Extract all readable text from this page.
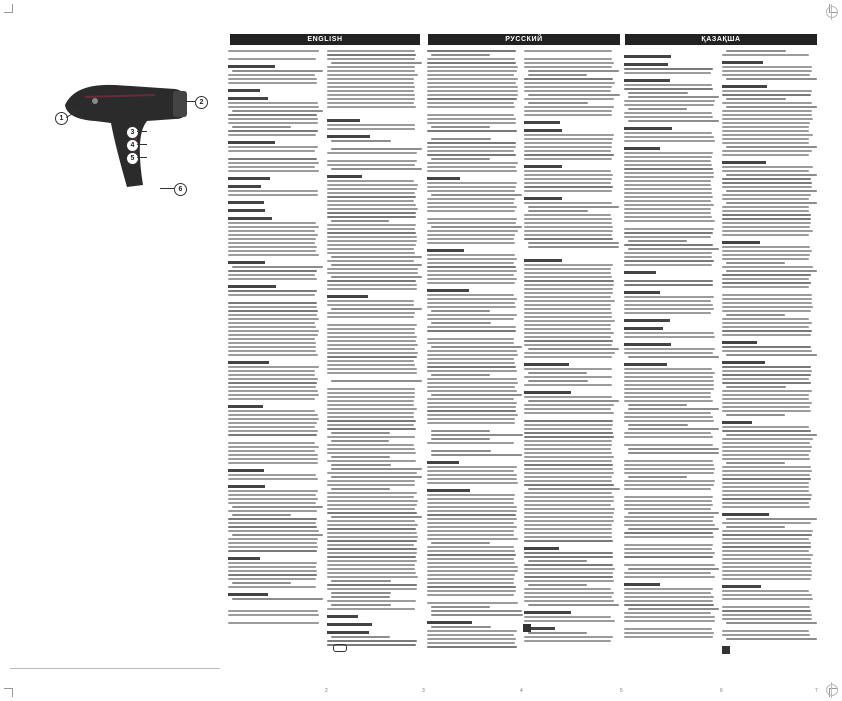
2
1
3
4
5
6
ENGLISH	РУССКИЙ	ҚАЗАҚША
2	3	4	5	6	7
